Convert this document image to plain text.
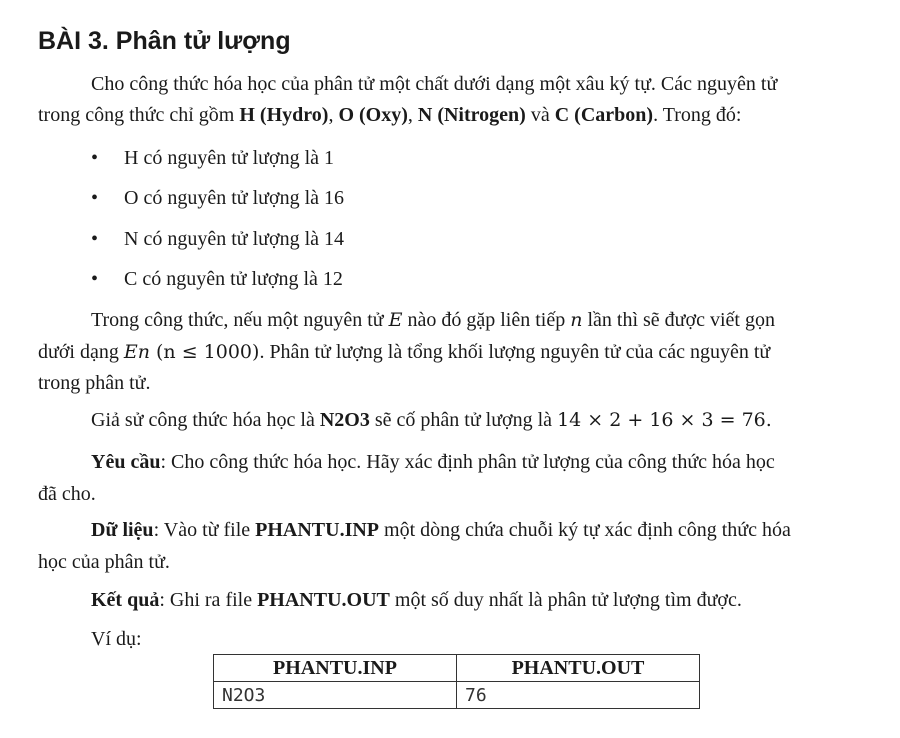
BÀI 3. Phân tử lượng
Cho công thức hóa học của phân tử một chất dưới dạng một xâu ký tự. Các nguyên tử
trong công thức chỉ gồm H (Hydro), O (Oxy), N (Nitrogen) và C (Carbon). Trong đó:
• H có nguyên tử lượng là 1
• O có nguyên tử lượng là 16
• N có nguyên tử lượng là 14
• C có nguyên tử lượng là 12
Trong công thức, nếu một nguyên tử E nào đó gặp liên tiếp n lần thì sẽ được viết gọn
dưới dạng En (n ≤ 1000). Phân tử lượng là tổng khối lượng nguyên tử của các nguyên tử
trong phân tử.
Giả sử công thức hóa học là N2O3 sẽ cố phân tử lượng là 14 × 2 + 16 × 3 = 76.
Yêu cầu: Cho công thức hóa học. Hãy xác định phân tử lượng của công thức hóa học
đã cho.
Dữ liệu: Vào từ file PHANTU.INP một dòng chứa chuỗi ký tự xác định công thức hóa
học của phân tử.
Kết quả: Ghi ra file PHANTU.OUT một số duy nhất là phân tử lượng tìm được.
Ví dụ:
PHANTU.INP	PHANTU.OUT
N2O3	76
